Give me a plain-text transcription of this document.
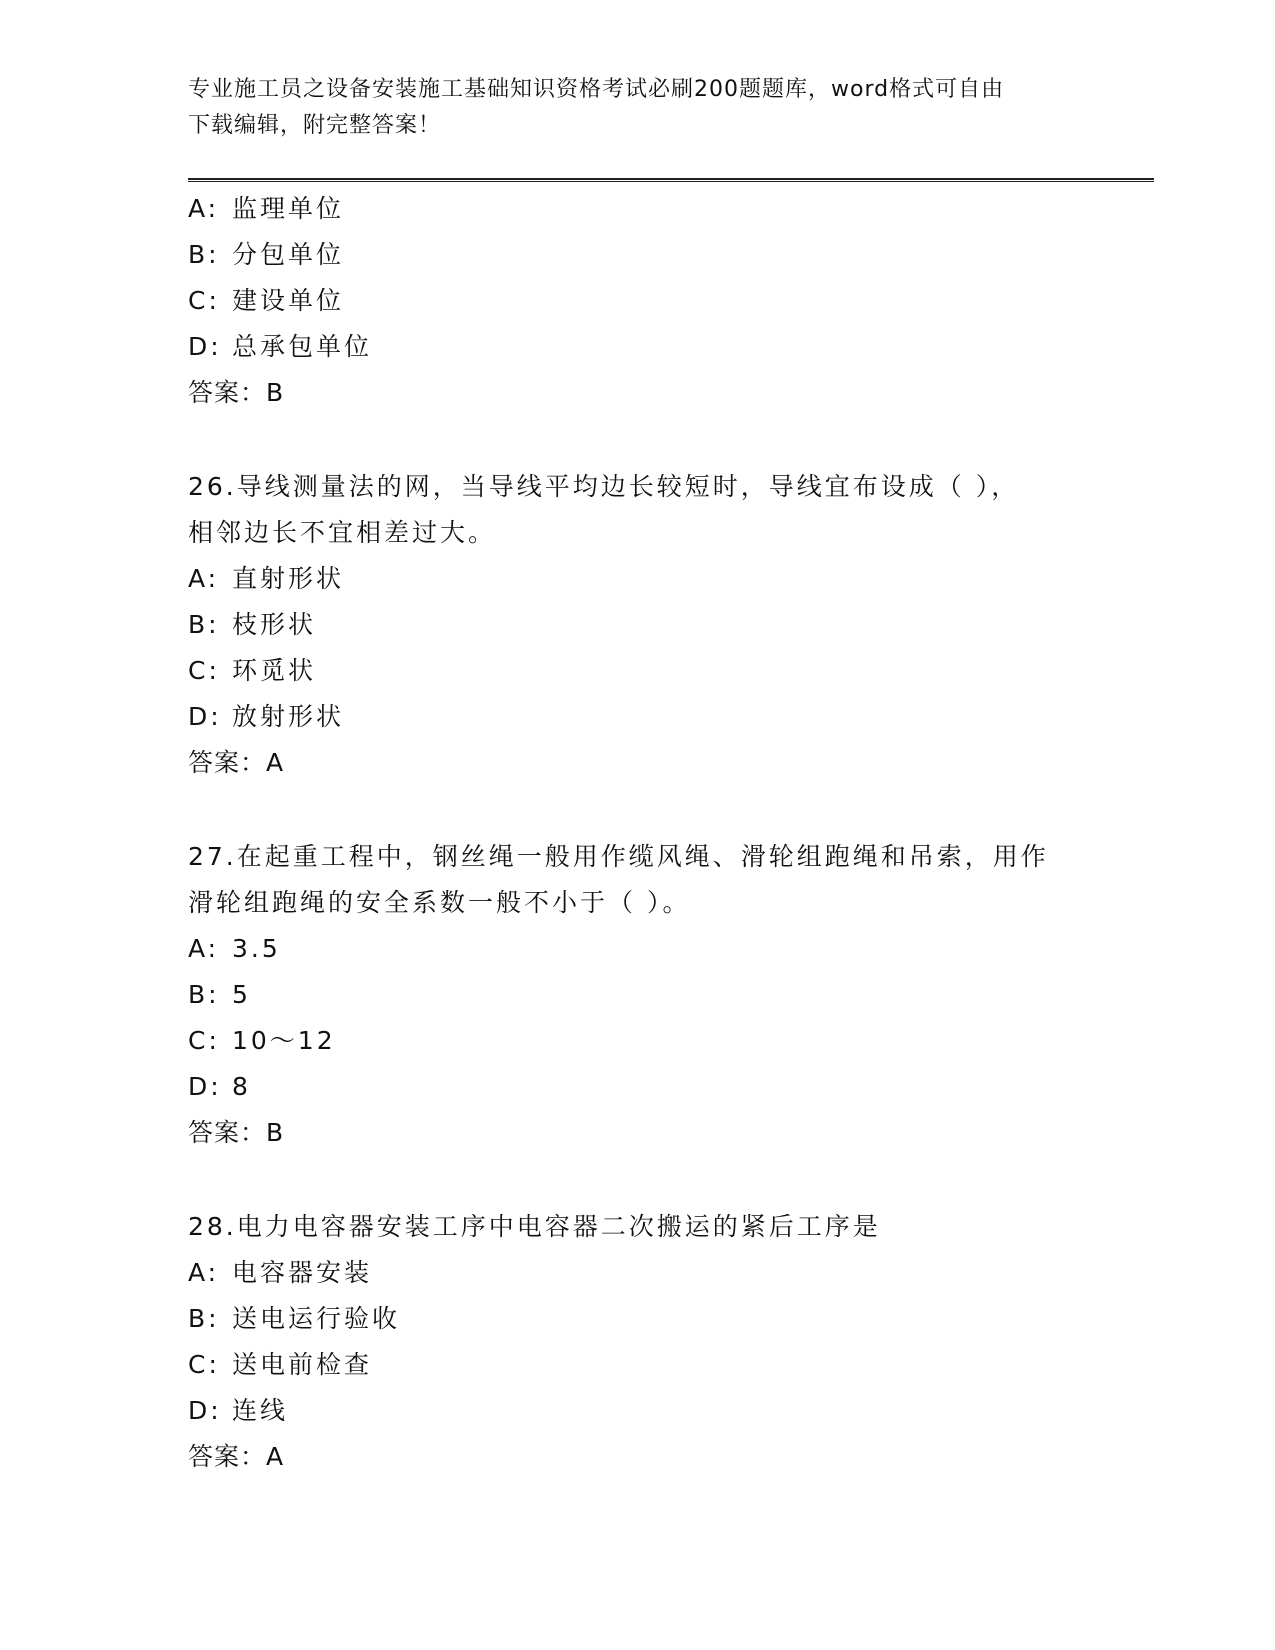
专业施工员之设备安装施工基础知识资格考试必刷200题题库，word格式可自由
下载编辑，附完整答案！
A: 监理单位
B: 分包单位
C: 建设单位
D: 总承包单位
答案：B
26.导线测量法的网，当导线平均边长较短时，导线宜布设成（ ），
相邻边长不宜相差过大。
A: 直射形状
B: 枝形状
C: 环觅状
D: 放射形状
答案：A
27.在起重工程中，钢丝绳一般用作缆风绳、滑轮组跑绳和吊索，用作
滑轮组跑绳的安全系数一般不小于（ ）。
A: 3.5
B: 5
C: 10～12
D: 8
答案：B
28.电力电容器安装工序中电容器二次搬运的紧后工序是
A: 电容器安装
B: 送电运行验收
C: 送电前检查
D: 连线
答案：A
